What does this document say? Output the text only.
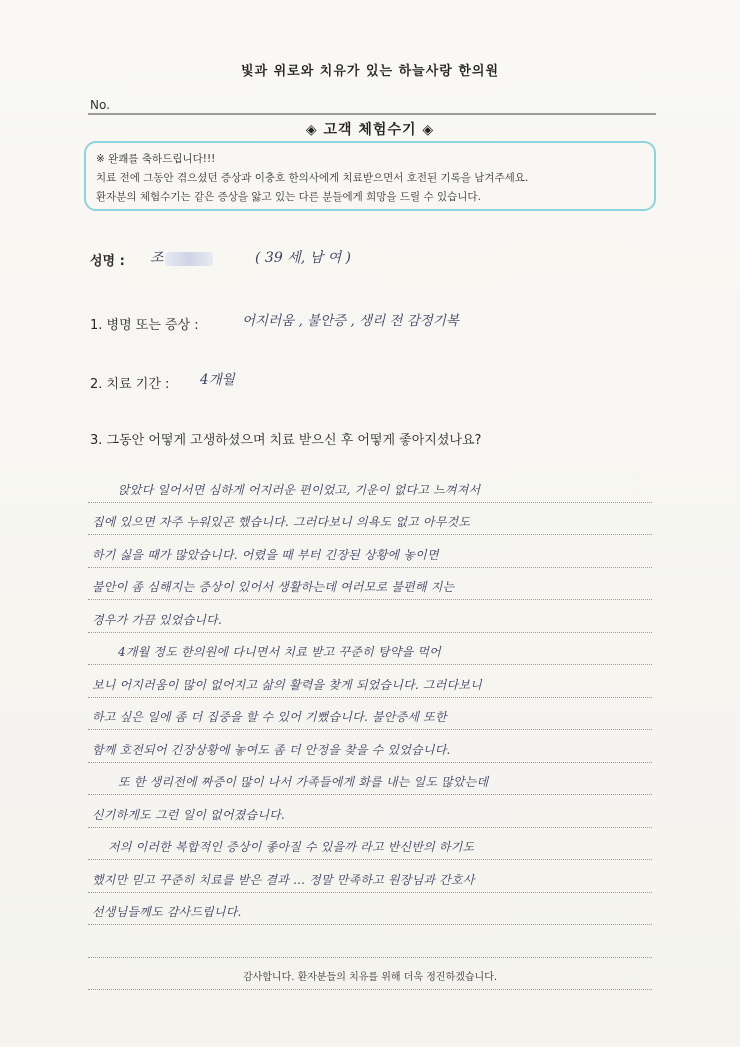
빛과 위로와 치유가 있는 하늘사랑 한의원
No.
◈ 고객 체험수기 ◈
※ 완쾌를 축하드립니다!!!
치료 전에 그동안 겪으셨던 증상과 이충호 한의사에게 치료받으면서 호전된 기록을 남겨주세요.
환자분의 체험수기는 같은 증상을 앓고 있는 다른 분들에게 희망을 드릴 수 있습니다.
성명 : 조	( 39 세, 남 여 )
1. 병명 또는 증상 :	어지러움 , 불안증 , 생리 전 감정기복
2. 치료 기간 : 4개월
3. 그동안 어떻게 고생하셨으며 치료 받으신 후 어떻게 좋아지셨나요?
앉았다 일어서면 심하게 어지러운 편이었고, 기운이 없다고 느껴져서
집에 있으면 자주 누워있곤 했습니다. 그러다보니 의욕도 없고 아무것도
하기 싫을 때가 많았습니다. 어렸을 때 부터 긴장된 상황에 놓이면
불안이 좀 심해지는 증상이 있어서 생활하는데 여러모로 불편해 지는
경우가 가끔 있었습니다.
4개월 정도 한의원에 다니면서 치료 받고 꾸준히 탕약을 먹어
보니 어지러움이 많이 없어지고 삶의 활력을 찾게 되었습니다. 그러다보니
하고 싶은 일에 좀 더 집중을 할 수 있어 기뻤습니다. 불안증세 또한
함께 호전되어 긴장상황에 놓여도 좀 더 안정을 찾을 수 있었습니다.
또 한 생리전에 짜증이 많이 나서 가족들에게 화를 내는 일도 많았는데
신기하게도 그런 일이 없어졌습니다.
저의 이러한 복합적인 증상이 좋아질 수 있을까 라고 반신반의 하기도
했지만 믿고 꾸준히 치료를 받은 결과 … 정말 만족하고 원장님과 간호사
선생님들께도 감사드립니다.
감사합니다. 환자분들의 치유를 위해 더욱 정진하겠습니다.
